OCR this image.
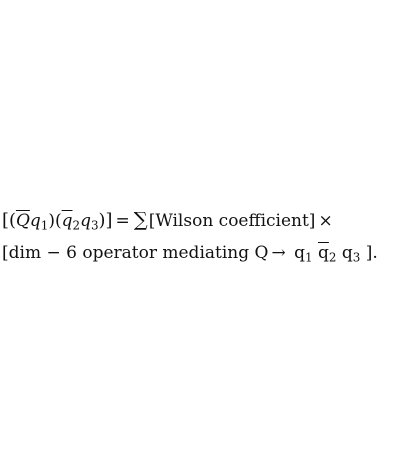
$[(\overline{Q}q_1)(\overline{q}_2q_3)]$ = ∑[Wilson coefficient] ×
[dim − 6 operator mediating $Q \to q_1$ $\overline{q}_2$ $q_3$ ].
